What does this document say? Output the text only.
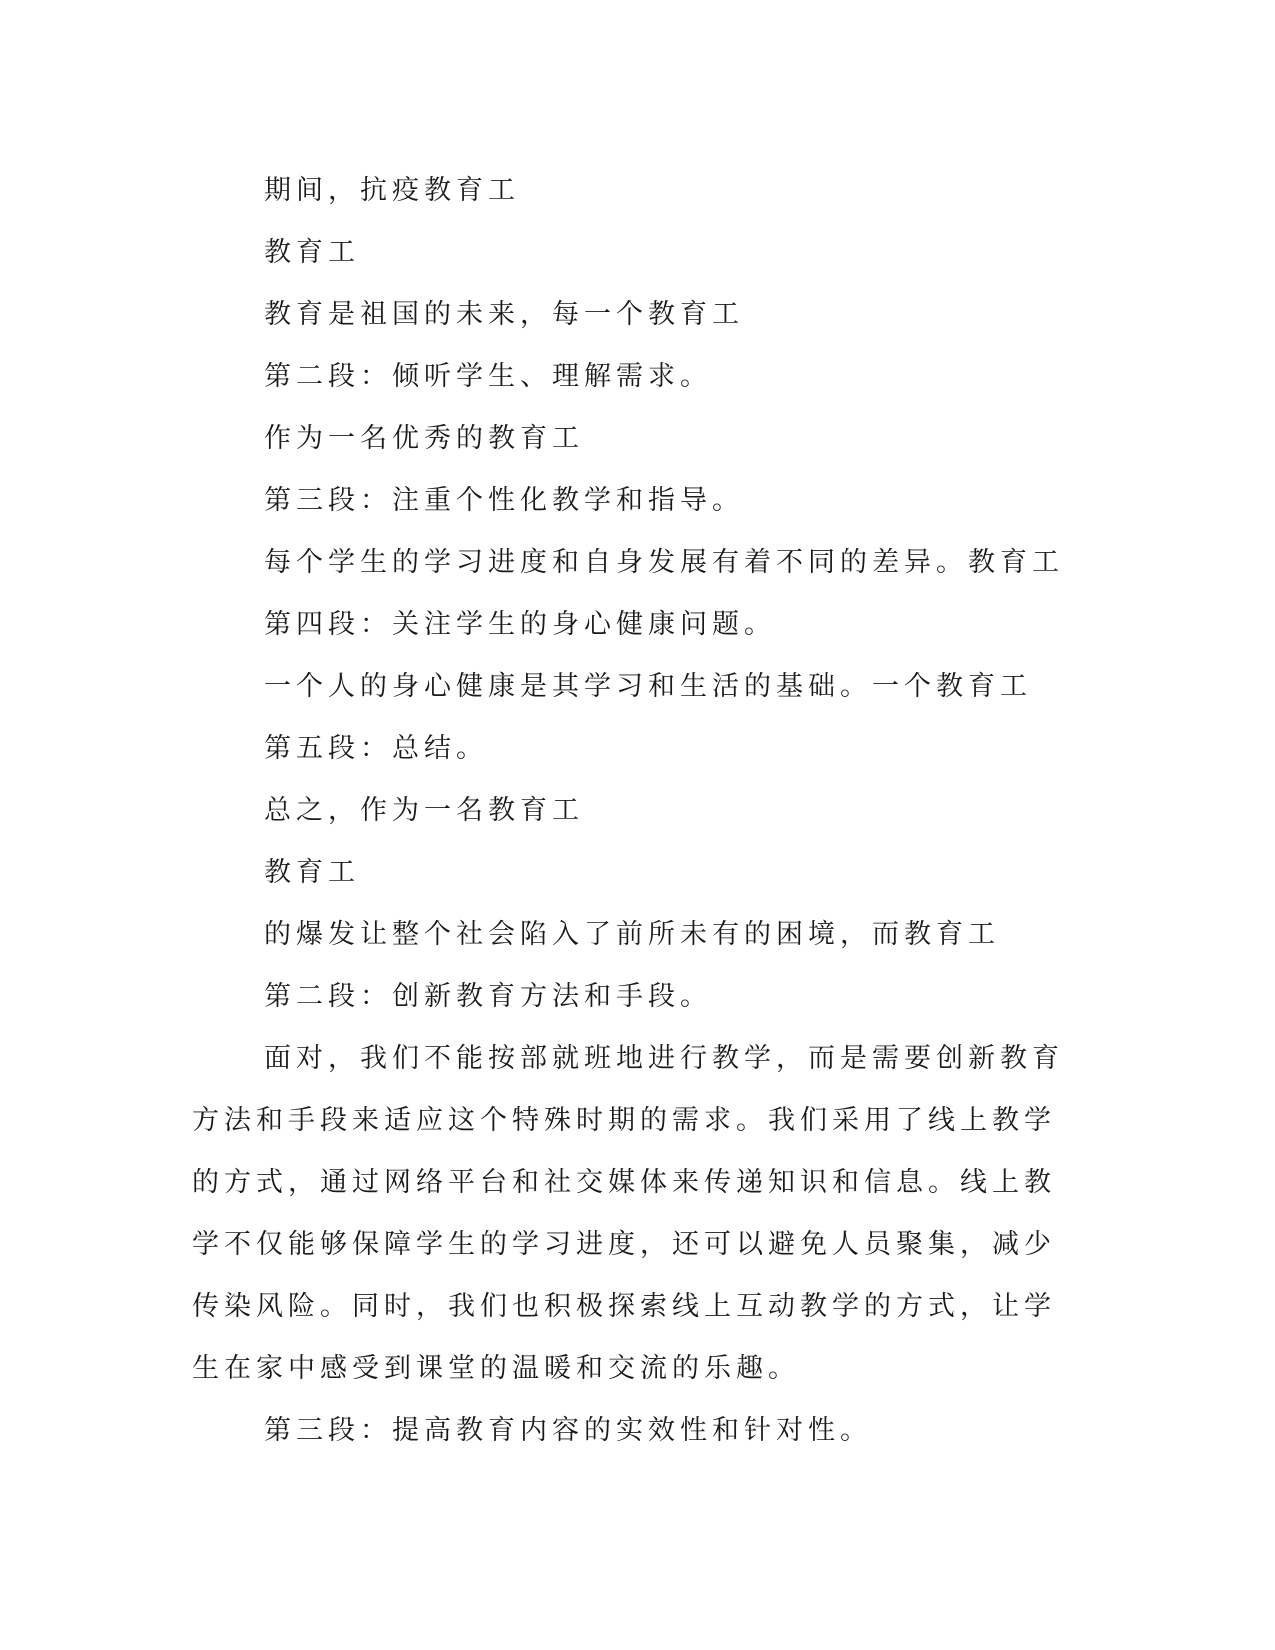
期间，抗疫教育工
教育工
教育是祖国的未来，每一个教育工
第二段：倾听学生、理解需求。
作为一名优秀的教育工
第三段：注重个性化教学和指导。
每个学生的学习进度和自身发展有着不同的差异。教育工
第四段：关注学生的身心健康问题。
一个人的身心健康是其学习和生活的基础。一个教育工
第五段：总结。
总之，作为一名教育工
教育工
的爆发让整个社会陷入了前所未有的困境，而教育工
第二段：创新教育方法和手段。

面对，我们不能按部就班地进行教学，而是需要创新教育方法和手段来适应这个特殊时期的需求。我们采用了线上教学的方式，通过网络平台和社交媒体来传递知识和信息。线上教学不仅能够保障学生的学习进度，还可以避免人员聚集，减少传染风险。同时，我们也积极探索线上互动教学的方式，让学生在家中感受到课堂的温暖和交流的乐趣。

第三段：提高教育内容的实效性和针对性。
